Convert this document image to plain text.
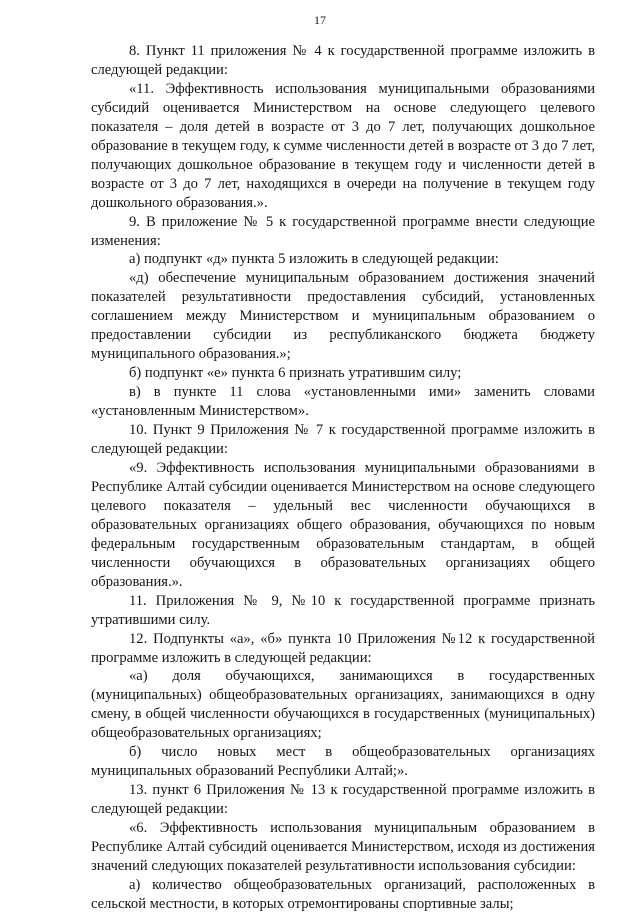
17

8. Пункт 11 приложения № 4 к государственной программе изложить в следующей редакции:

«11. Эффективность использования муниципальными образованиями субсидий оценивается Министерством на основе следующего целевого показателя – доля детей в возрасте от 3 до 7 лет, получающих дошкольное образование в текущем году, к сумме численности детей в возрасте от 3 до 7 лет, получающих дошкольное образование в текущем году и численности детей в возрасте от 3 до 7 лет, находящихся в очереди на получение в текущем году дошкольного образования.».

9. В приложение № 5 к государственной программе внести следующие изменения:

а) подпункт «д» пункта 5 изложить в следующей редакции:

«д) обеспечение муниципальным образованием достижения значений показателей результативности предоставления субсидий, установленных соглашением между Министерством и муниципальным образованием о предоставлении субсидии из республиканского бюджета бюджету муниципального образования.»;

б) подпункт «е» пункта 6 признать утратившим силу;

в) в пункте 11 слова «установленными ими» заменить словами «установленным Министерством».

10. Пункт 9 Приложения № 7 к государственной программе изложить в следующей редакции:

«9. Эффективность использования муниципальными образованиями в Республике Алтай субсидии оценивается Министерством на основе следующего целевого показателя – удельный вес численности обучающихся в образовательных организациях общего образования, обучающихся по новым федеральным государственным образовательным стандартам, в общей численности обучающихся в образовательных организациях общего образования.».

11. Приложения № 9, №10 к государственной программе признать утратившими силу.

12. Подпункты «а», «б» пункта 10 Приложения №12 к государственной программе изложить в следующей редакции:

«а) доля обучающихся, занимающихся в государственных (муниципальных) общеобразовательных организациях, занимающихся в одну смену, в общей численности обучающихся в государственных (муниципальных) общеобразовательных организациях;

б) число новых мест в общеобразовательных организациях муниципальных образований Республики Алтай;».

13. пункт 6 Приложения № 13 к государственной программе изложить в следующей редакции:

«6. Эффективность использования муниципальным образованием в Республике Алтай субсидий оценивается Министерством, исходя из достижения значений следующих показателей результативности использования субсидии:

а) количество общеобразовательных организаций, расположенных в сельской местности, в которых отремонтированы спортивные залы;
